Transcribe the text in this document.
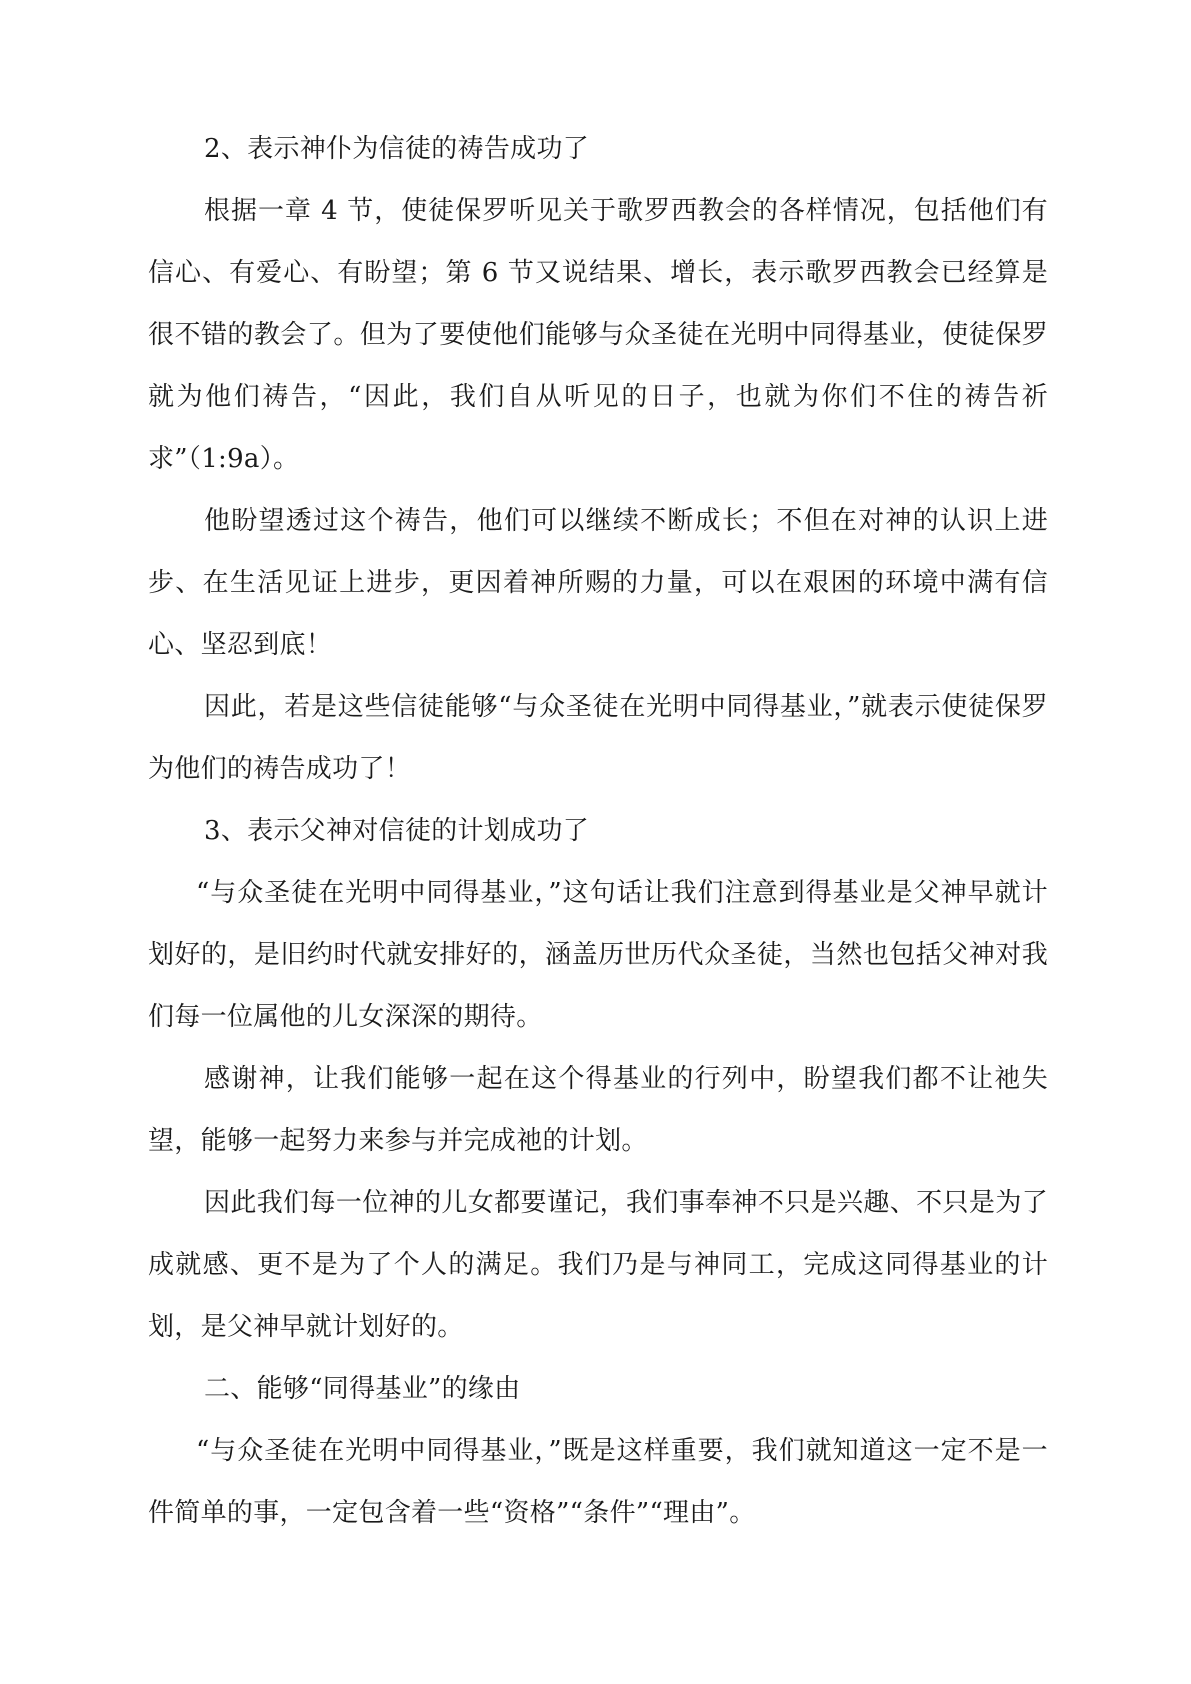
2、表示神仆为信徒的祷告成功了

根据一章 4 节，使徒保罗听见关于歌罗西教会的各样情况，包括他们有信心、有爱心、有盼望；第 6 节又说结果、增长，表示歌罗西教会已经算是很不错的教会了。但为了要使他们能够与众圣徒在光明中同得基业，使徒保罗就为他们祷告，“因此，我们自从听见的日子，也就为你们不住的祷告祈求”（1:9a）。

他盼望透过这个祷告，他们可以继续不断成长；不但在对神的认识上进步、在生活见证上进步，更因着神所赐的力量，可以在艰困的环境中满有信心、坚忍到底！

因此，若是这些信徒能够“与众圣徒在光明中同得基业，”就表示使徒保罗为他们的祷告成功了！

3、表示父神对信徒的计划成功了

“与众圣徒在光明中同得基业，”这句话让我们注意到得基业是父神早就计划好的，是旧约时代就安排好的，涵盖历世历代众圣徒，当然也包括父神对我们每一位属他的儿女深深的期待。

感谢神，让我们能够一起在这个得基业的行列中，盼望我们都不让祂失望，能够一起努力来参与并完成祂的计划。

因此我们每一位神的儿女都要谨记，我们事奉神不只是兴趣、不只是为了成就感、更不是为了个人的满足。我们乃是与神同工，完成这同得基业的计划，是父神早就计划好的。

二、能够“同得基业”的缘由

“与众圣徒在光明中同得基业，”既是这样重要，我们就知道这一定不是一件简单的事，一定包含着一些“资格”“条件”“理由”。
